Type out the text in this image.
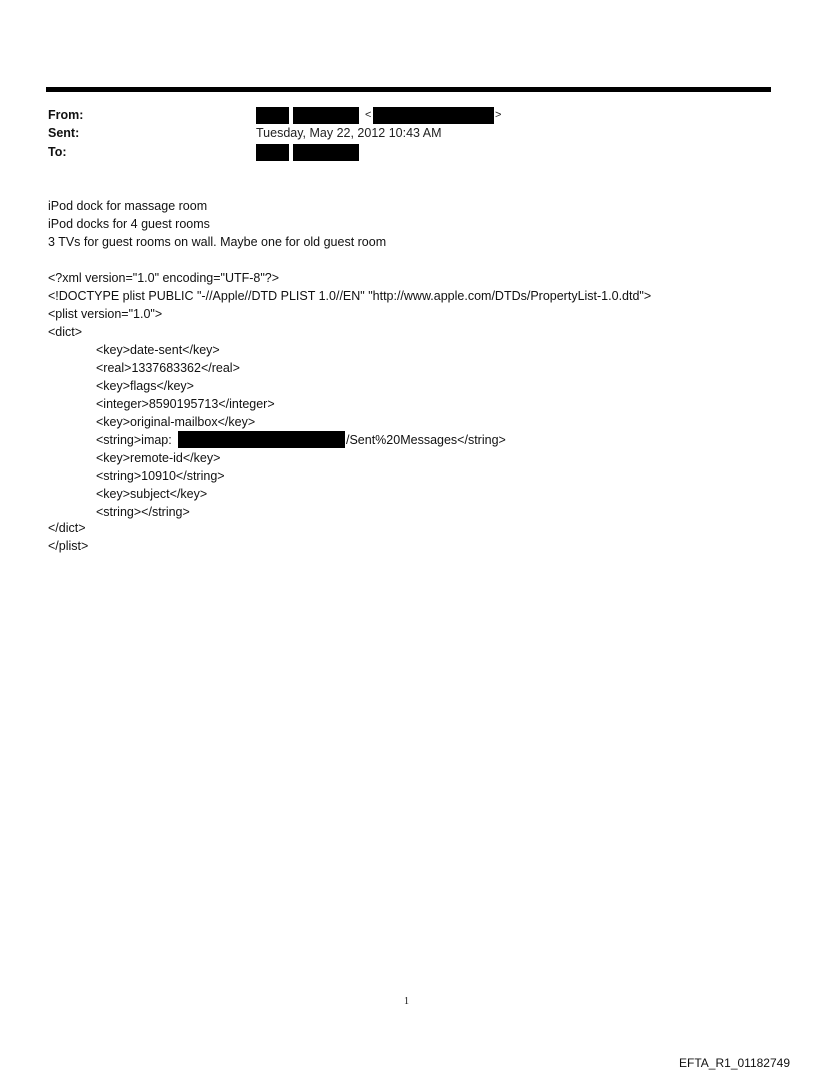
From:
Sent:
To:
<	>
Tuesday, May 22, 2012 10:43 AM
iPod dock for massage room
iPod docks for 4 guest rooms
3 TVs for guest rooms on wall. Maybe one for old guest room
<?xml version="1.0" encoding="UTF-8"?>
<!DOCTYPE plist PUBLIC "-//Apple//DTD PLIST 1.0//EN" "http://www.apple.com/DTDs/PropertyList-1.0.dtd">
<plist version="1.0">
<dict>
<key>date-sent</key>
<real>1337683362</real>
<key>flags</key>
<integer>8590195713</integer>
<key>original-mailbox</key>
<string>imap:	/Sent%20Messages</string>
<key>remote-id</key>
<string>10910</string>
<key>subject</key>
<string></string>
</dict>
</plist>
1
EFTA_R1_01182749
